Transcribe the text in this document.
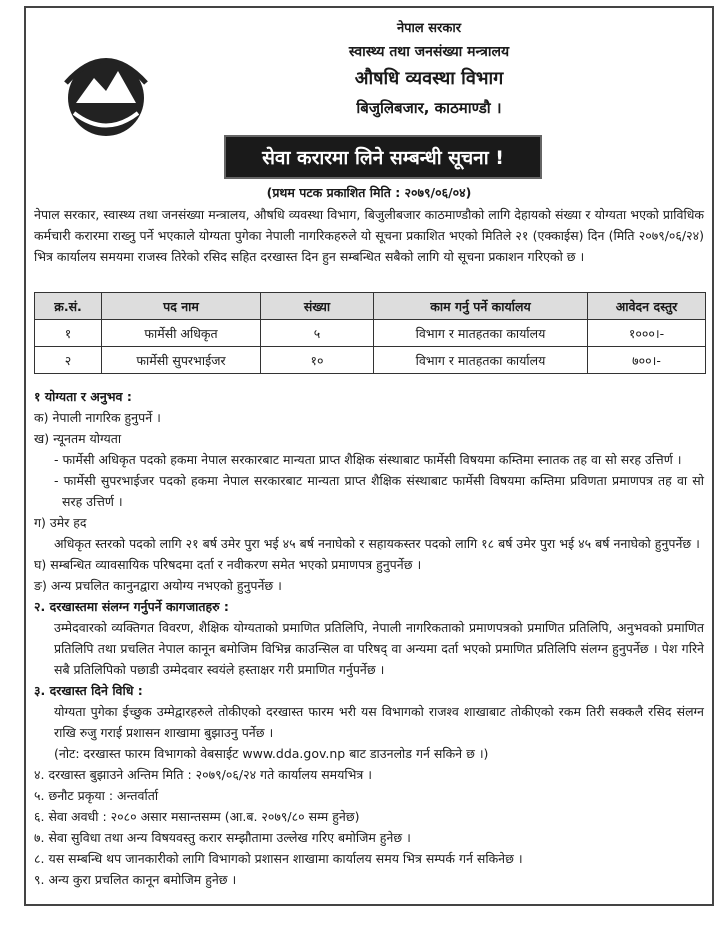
नेपाल सरकार
स्वास्थ्य तथा जनसंख्या मन्त्रालय
औषधि व्यवस्था विभाग
बिजुलिबजार, काठमाण्डौ ।
सेवा करारमा लिने सम्बन्धी सूचना !
(प्रथम पटक प्रकाशित मिति : २०७९/०६/०४)
नेपाल सरकार, स्वास्थ्य तथा जनसंख्या मन्त्रालय, औषधि व्यवस्था विभाग, बिजुलीबजार काठमाण्डौको लागि देहायको संख्या र योग्यता भएको प्राविधिक कर्मचारी करारमा राख्नु पर्ने भएकाले योग्यता पुगेका नेपाली नागरिकहरुले यो सूचना प्रकाशित भएको मितिले २१ (एक्काईस) दिन (मिति २०७९/०६/२४) भित्र कार्यालय समयमा राजस्व तिरेको रसिद सहित दरखास्त दिन हुन सम्बन्धित सबैको लागि यो सूचना प्रकाशन गरिएको छ ।
क्र.सं.	पद नाम	संख्या	काम गर्नु पर्ने कार्यालय	आवेदन दस्तुर
१	फार्मेसी अधिकृत	५	विभाग र मातहतका कार्यालय	१०००।-
२	फार्मेसी सुपरभाईजर	१०	विभाग र मातहतका कार्यालय	७००।-
१ योग्यता र अनुभव :
क) नेपाली नागरिक हुनुपर्ने ।
ख) न्यूनतम योग्यता
- फार्मेसी अधिकृत पदको हकमा नेपाल सरकारबाट मान्यता प्राप्त शैक्षिक संस्थाबाट फार्मेसी विषयमा कम्तिमा स्नातक तह वा सो सरह उत्तिर्ण ।
- फार्मेसी सुपरभाईजर पदको हकमा नेपाल सरकारबाट मान्यता प्राप्त शैक्षिक संस्थाबाट फार्मेसी विषयमा कम्तिमा प्रविणता प्रमाणपत्र तह वा सो सरह उत्तिर्ण ।
ग) उमेर हद
अधिकृत स्तरको पदको लागि २१ बर्ष उमेर पुरा भई ४५ बर्ष ननाघेको र सहायकस्तर पदको लागि १८ बर्ष उमेर पुरा भई ४५ बर्ष ननाघेको हुनुपर्नेछ ।
घ) सम्बन्धित व्यावसायिक परिषदमा दर्ता र नवीकरण समेत भएको प्रमाणपत्र हुनुपर्नेछ ।
ङ) अन्य प्रचलित कानुनद्वारा अयोग्य नभएको हुनुपर्नेछ ।
२. दरखास्तमा संलग्न गर्नुपर्ने कागजातहरु :
उम्मेदवारको व्यक्तिगत विवरण, शैक्षिक योग्यताको प्रमाणित प्रतिलिपि, नेपाली नागरिकताको प्रमाणपत्रको प्रमाणित प्रतिलिपि, अनुभवको प्रमाणित प्रतिलिपि तथा प्रचलित नेपाल कानून बमोजिम विभिन्न काउन्सिल वा परिषद् वा अन्यमा दर्ता भएको प्रमाणित प्रतिलिपि संलग्न हुनुपर्नेछ । पेश गरिने सबै प्रतिलिपिको पछाडी उम्मेदवार स्वयंले हस्ताक्षर गरी प्रमाणित गर्नुपर्नेछ ।
३. दरखास्त दिने विधि :
योग्यता पुगेका ईच्छुक उम्मेद्वारहरुले तोकीएको दरखास्त फारम भरी यस विभागको राजश्व शाखाबाट तोकीएको रकम तिरी सक्कलै रसिद संलग्न राखि रुजु गराई प्रशासन शाखामा बुझाउनु पर्नेछ ।
(नोट: दरखास्त फारम विभागको वेबसाईट www.dda.gov.np बाट डाउनलोड गर्न सकिने छ ।)
४. दरखास्त बुझाउने अन्तिम मिति : २०७९/०६/२४ गते कार्यालय समयभित्र ।
५. छनौट प्रकृया : अन्तर्वार्ता
६. सेवा अवधी : २०८० असार मसान्तसम्म (आ.ब. २०७९/८० सम्म हुनेछ)
७. सेवा सुविधा तथा अन्य विषयवस्तु करार सम्झौतामा उल्लेख गरिए बमोजिम हुनेछ ।
८. यस सम्बन्धि थप जानकारीको लागि विभागको प्रशासन शाखामा कार्यालय समय भित्र सम्पर्क गर्न सकिनेछ ।
९. अन्य कुरा प्रचलित कानून बमोजिम हुनेछ ।
